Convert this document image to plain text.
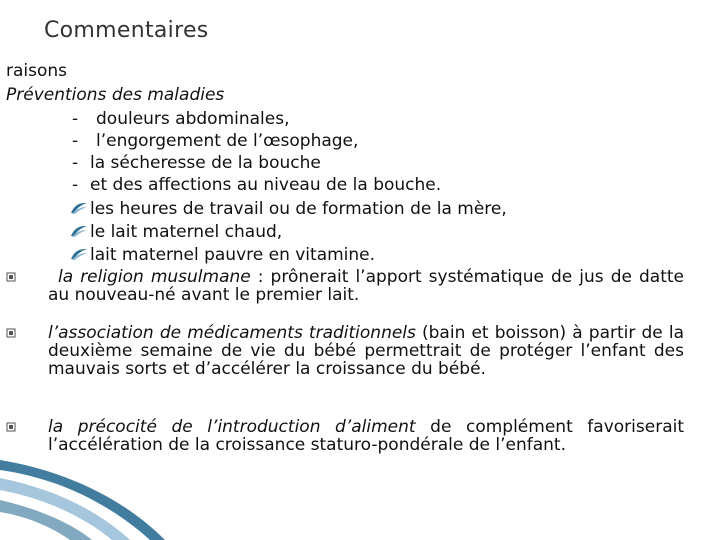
Commentaires
raisons
Préventions des maladies
- douleurs abdominales,
- l’engorgement de l’œsophage,
- la sécheresse de la bouche
- et des affections au niveau de la bouche.
les heures de travail ou de formation de la mère,
le lait maternel chaud,
lait maternel pauvre en vitamine.
la religion musulmane : prônerait l’apport systématique de jus de datte au nouveau-né avant le premier lait.
l’association de médicaments traditionnels (bain et boisson) à partir de la deuxième semaine de vie du bébé permettrait de protéger l’enfant des mauvais sorts et d’accélérer la croissance du bébé.
la précocité de l’introduction d’aliment de complément favoriserait l’accélération de la croissance staturo-pondérale de l’enfant.
